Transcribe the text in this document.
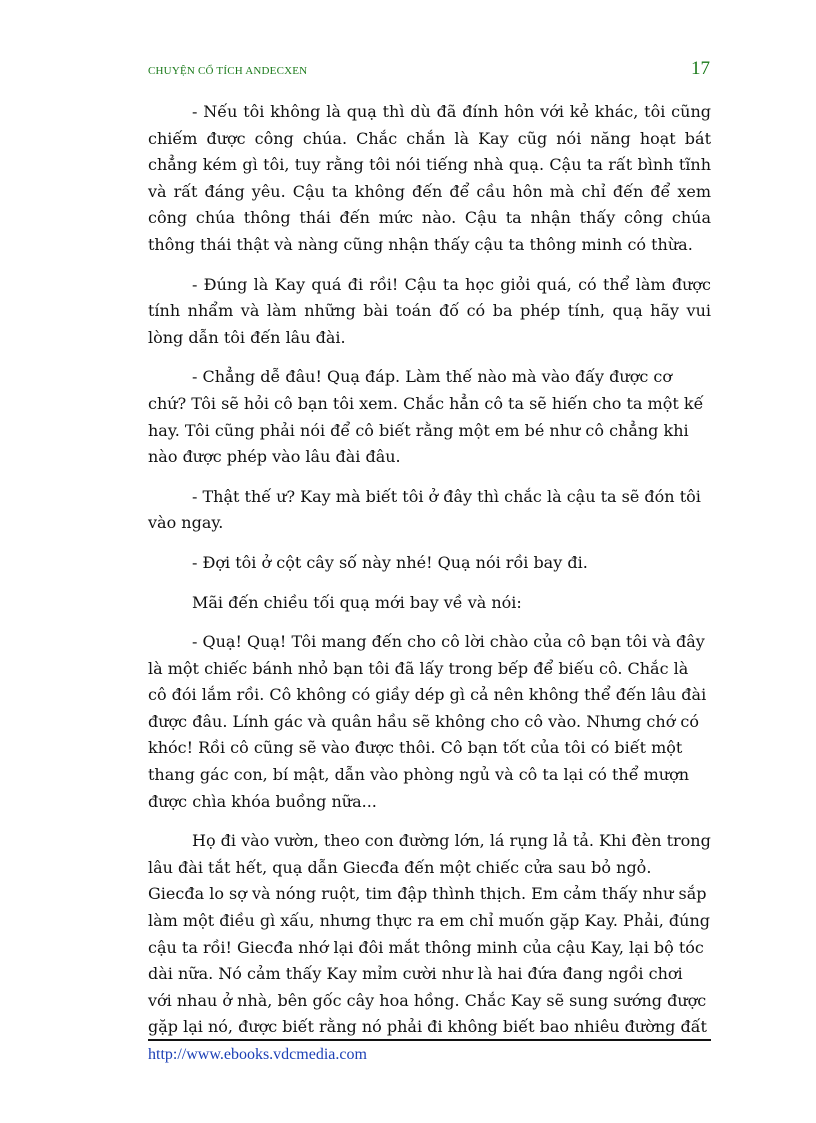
CHUYỆN CỔ TÍCH ANDECXEN	17

- Nếu tôi không là quạ thì dù đã đính hôn với kẻ khác, tôi cũng chiếm được công chúa. Chắc chắn là Kay cũg nói năng hoạt bát chẳng kém gì tôi, tuy rằng tôi nói tiếng nhà quạ. Cậu ta rất bình tĩnh và rất đáng yêu. Cậu ta không đến để cầu hôn mà chỉ đến để xem công chúa thông thái đến mức nào. Cậu ta nhận thấy công chúa thông thái thật và nàng cũng nhận thấy cậu ta thông minh có thừa.

- Đúng là Kay quá đi rồi! Cậu ta học giỏi quá, có thể làm được tính nhẩm và làm những bài toán đố có ba phép tính, quạ hãy vui lòng dẫn tôi đến lâu đài.

- Chẳng dễ đâu! Quạ đáp. Làm thế nào mà vào đấy được cơ chứ? Tôi sẽ hỏi cô bạn tôi xem. Chắc hẳn cô ta sẽ hiến cho ta một kế hay. Tôi cũng phải nói để cô biết rằng một em bé như cô chẳng khi nào được phép vào lâu đài đâu.

- Thật thế ư? Kay mà biết tôi ở đây thì chắc là cậu ta sẽ đón tôi vào ngay.

- Đợi tôi ở cột cây số này nhé! Quạ nói rồi bay đi.

Mãi đến chiều tối quạ mới bay về và nói:

- Quạ! Quạ! Tôi mang đến cho cô lời chào của cô bạn tôi và đây là một chiếc bánh nhỏ bạn tôi đã lấy trong bếp để biếu cô. Chắc là cô đói lắm rồi. Cô không có giầy dép gì cả nên không thể đến lâu đài được đâu. Lính gác và quân hầu sẽ không cho cô vào. Nhưng chớ có khóc! Rồi cô cũng sẽ vào được thôi. Cô bạn tốt của tôi có biết một thang gác con, bí mật, dẫn vào phòng ngủ và cô ta lại có thể mượn được chìa khóa buồng nữa...

Họ đi vào vườn, theo con đường lớn, lá rụng lả tả. Khi đèn trong lâu đài tắt hết, quạ dẫn Giecđa đến một chiếc cửa sau bỏ ngỏ. Giecđa lo sợ và nóng ruột, tim đập thình thịch. Em cảm thấy như sắp làm một điều gì xấu, nhưng thực ra em chỉ muốn gặp Kay. Phải, đúng cậu ta rồi! Giecđa nhớ lại đôi mắt thông minh của cậu Kay, lại bộ tóc dài nữa. Nó cảm thấy Kay mỉm cười như là hai đứa đang ngồi chơi với nhau ở nhà, bên gốc cây hoa hồng. Chắc Kay sẽ sung sướng được gặp lại nó, được biết rằng nó phải đi không biết bao nhiêu đường đất

http://www.ebooks.vdcmedia.com
